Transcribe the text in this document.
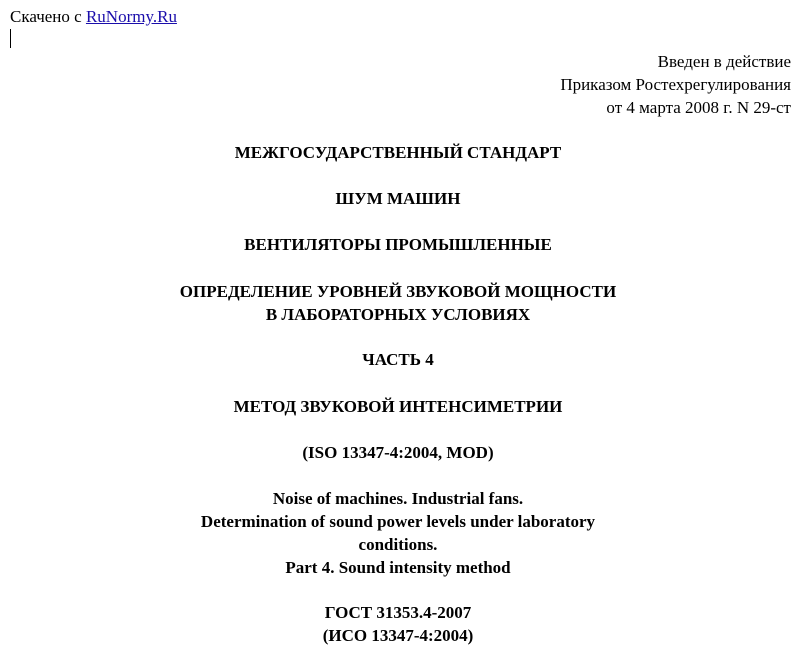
Скачено с RuNormy.Ru
Введен в действие
Приказом Ростехрегулирования
от 4 марта 2008 г. N 29-ст
МЕЖГОСУДАРСТВЕННЫЙ СТАНДАРТ
ШУМ МАШИН
ВЕНТИЛЯТОРЫ ПРОМЫШЛЕННЫЕ
ОПРЕДЕЛЕНИЕ УРОВНЕЙ ЗВУКОВОЙ МОЩНОСТИ
В ЛАБОРАТОРНЫХ УСЛОВИЯХ
ЧАСТЬ 4
МЕТОД ЗВУКОВОЙ ИНТЕНСИМЕТРИИ
(ISO 13347-4:2004, MOD)
Noise of machines. Industrial fans.
Determination of sound power levels under laboratory
conditions.
Part 4. Sound intensity method
ГОСТ 31353.4-2007
(ИСО 13347-4:2004)
